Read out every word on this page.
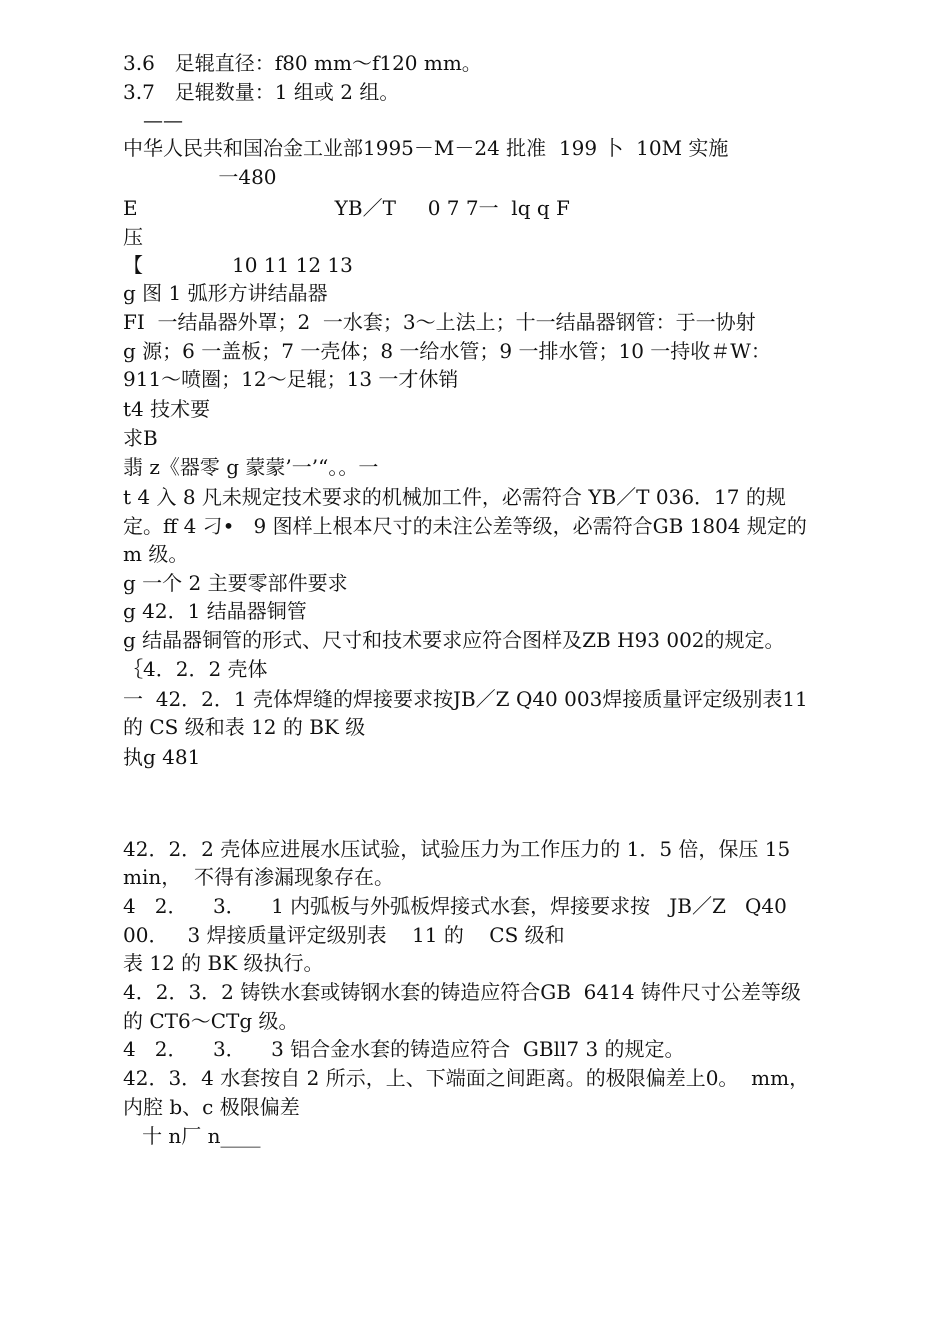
3.6　足辊直径：f80 mm～f120 mm。
3.7　足辊数量：1 组或 2 组。
　——
中华人民共和国冶金工业部1995－M－24 批准  199 卜  10M 实施
一480
E                               YB／T     0 7 7一  lq q F
压
【              10 11 12 13
g 图 1 弧形方讲结晶器
FI  一结晶器外罩；2  一水套；3～上法上；十一结晶器钢管：于一协射
g 源；6 一盖板；7 一壳体；8 一给水管；9 一排水管；10 一持收＃W：
911～喷圈；12～足辊；13 一才休销
t4 技术要
求B
翡 z《器零 g 蒙蒙’一’“。。一
t 4 入 8 凡未规定技术要求的机械加工件，必需符合 YB／T 036．17 的规
定。ff 4 刁•   9 图样上根本尺寸的未注公差等级，必需符合GB 1804 规定的
m 级。
g 一个 2 主要零部件要求
g 42．1 结晶器铜管
g 结晶器铜管的形式、尺寸和技术要求应符合图样及ZB H93 002的规定。
｛4．2．2 壳体
一  42．2．1 壳体焊缝的焊接要求按JB／Z Q40 003焊接质量评定级别表11
的 CS 级和表 12 的 BK 级
执g 481
42．2．2 壳体应进展水压试验，试验压力为工作压力的 1．5 倍，保压 15
min，  不得有渗漏现象存在。
4   2．    3．    1 内弧板与外弧板焊接式水套，焊接要求按   JB／Z   Q40
00．   3 焊接质量评定级别表    11 的    CS 级和
表 12 的 BK 级执行。
4．2．3．2 铸铁水套或铸钢水套的铸造应符合GB  6414 铸件尺寸公差等级
的 CT6～CTg 级。
4   2．    3．    3 铝合金水套的铸造应符合  GBll7 3 的规定。
42．3．4 水套按自 2 所示，上、下端面之间距离。的极限偏差上0。  mm，
内腔 b、c 极限偏差
十 n厂 n____
